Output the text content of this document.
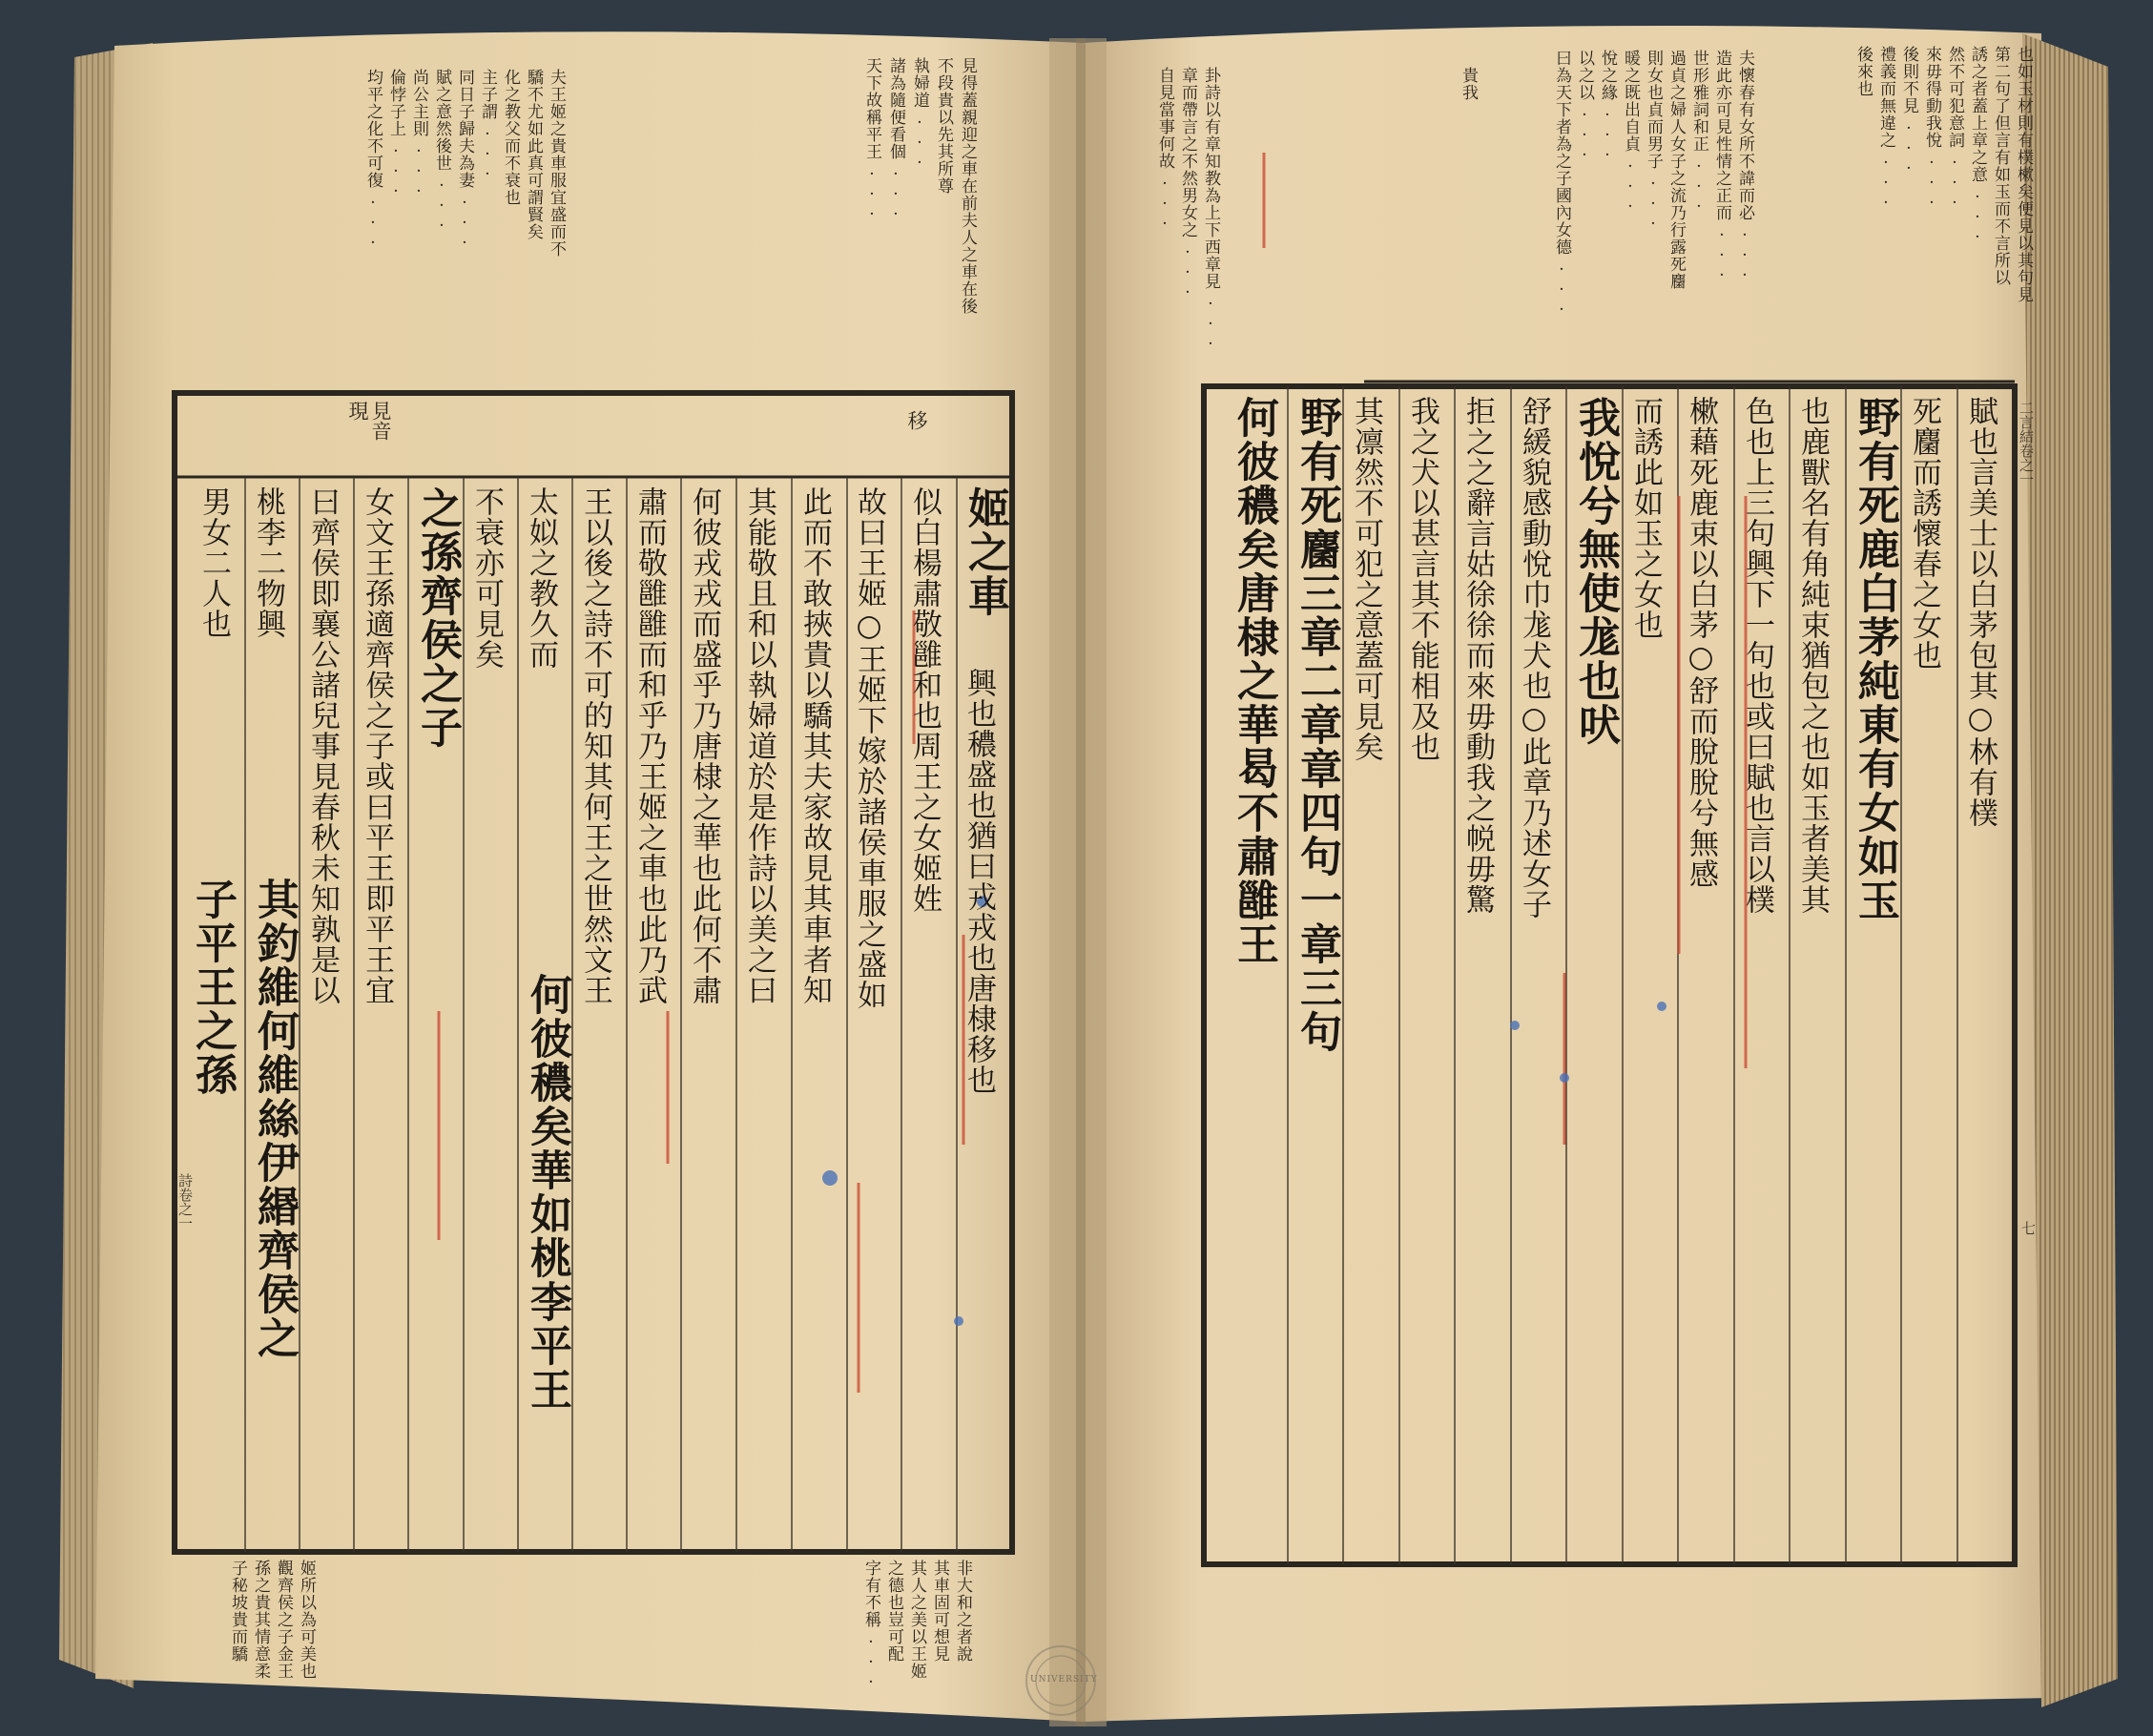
見音
現	移
夫王姬之貴車服宜盛而不
驕不尤如此真可謂賢矣
化之教父而不衰也
主子謂...
同日子歸夫為妻...
賦之意然後世...
尚公主則...
倫悖子上...
均平之化不可復...	見得蓋親迎之車在前夫人之車在後
不段貴以先其所尊
執婦道...
諸為隨便看個...
天下故稱平王...
姬之車
興也穠盛也猶曰戎戎也唐棣移也
似白楊肅敬雝和也周王之女姬姓
故曰王姬○王姬下嫁於諸侯車服之盛如
此而不敢挾貴以驕其夫家故見其車者知
其能敬且和以執婦道於是作詩以美之曰
何彼戎戎而盛乎乃唐棣之華也此何不肅
肅而敬雝雝而和乎乃王姬之車也此乃武
王以後之詩不可的知其何王之世然文王
太姒之教久而
何彼穠矣華如桃李平王
不衰亦可見矣
之孫齊侯之子
女文王孫適齊侯之子或曰平王即平王宜
曰齊侯即襄公諸兒事見春秋未知孰是以
桃李二物興
其釣維何維絲伊緡齊侯之
男女二人也
子平王之孫
非大和之者說
其車固可想見
其人之美以王姬
之德也豈可配
字有不稱...
姬所以為可美也
觀齊侯之子金王
孫之貴其情意柔
子秘坡貴而驕
詩卷之一
也如玉材則有樸樕矣便見以其句見
第二句了但言有如玉而不言所以
誘之者蓋上章之意...
然不可犯意詞...
來毋得動我悅...
後則不見...
禮義而無違之...
後來也
夫懷春有女所不諱而必...
造此亦可見性情之正而...
世形雅詞和正...
過貞之婦人女子之流乃行露死麕
則女也貞而男子...
暖之既出自貞...
悅之緣...
以之以...
曰為天下者為之子國內女德...
卦詩以有章知教為上下西章見...
章而帶言之不然男女之...
自見當事何故...	貴我
二言結卷之一
賦也言美士以白茅包其○林有樸
死麕而誘懷春之女也
野有死鹿白茅純東有女如玉
也鹿獸名有角純束猶包之也如玉者美其
色也上三句興下一句也或曰賦也言以樸
樕藉死鹿束以白茅○舒而脫脫兮無感
而誘此如玉之女也
我悅兮無使尨也吠
舒緩貌感動悅巾尨犬也○此章乃述女子
拒之之辭言姑徐徐而來毋動我之帨毋驚
我之犬以甚言其不能相及也
其凛然不可犯之意蓋可見矣
野有死麕三章二章章四句一章三句
何彼穠矣唐棣之華曷不肅雝王
七
UNIVERSITY
